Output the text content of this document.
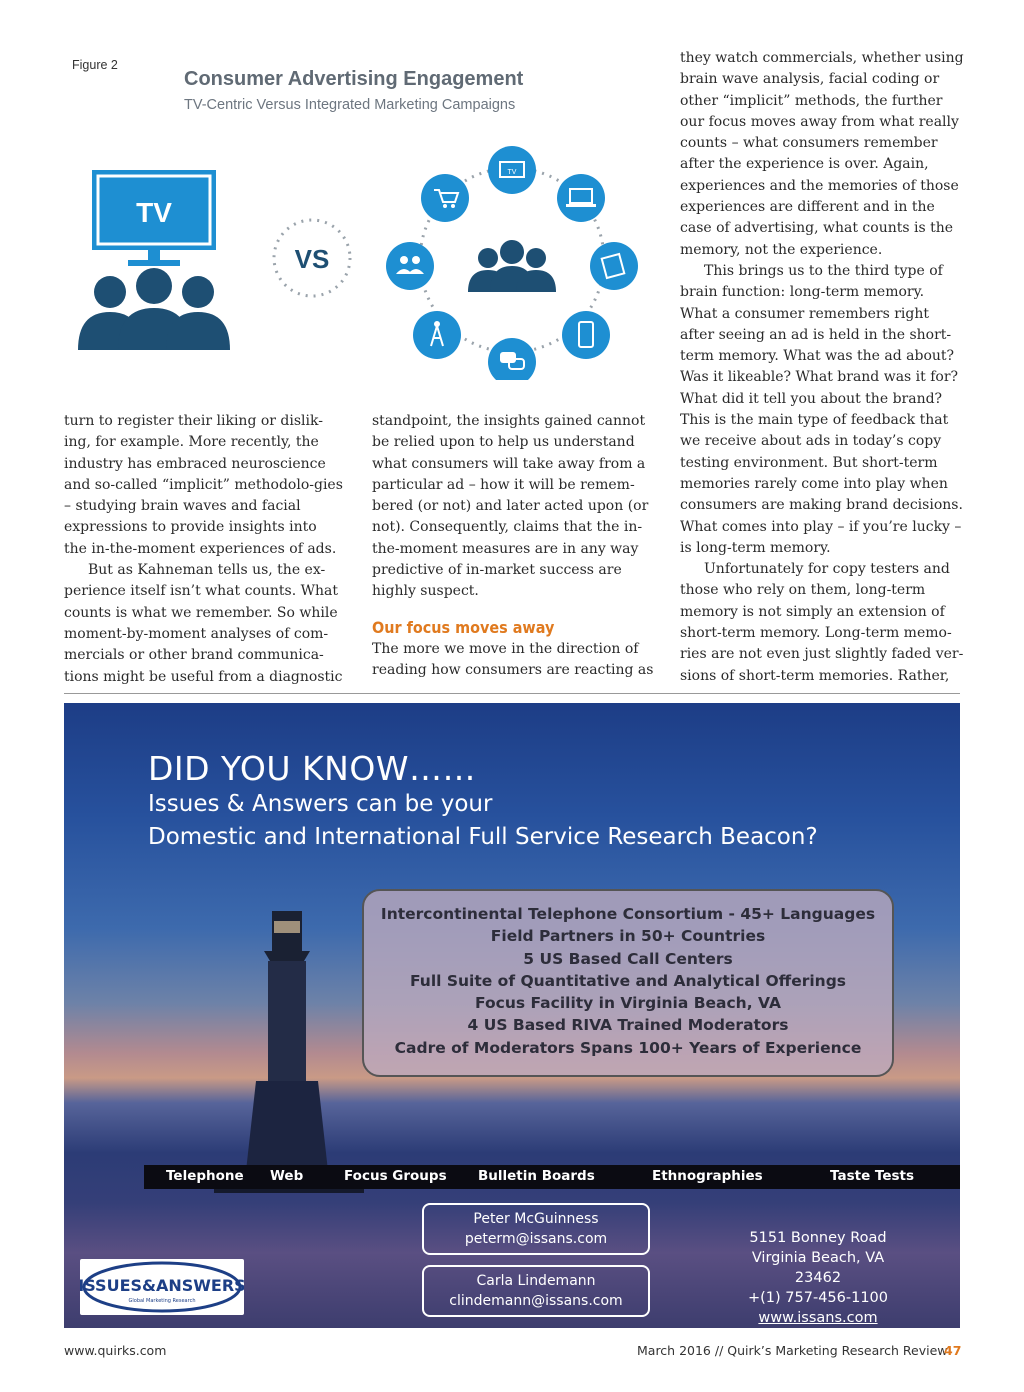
Figure 2
Consumer Advertising Engagement
TV-Centric Versus Integrated Marketing Campaigns
TV
VS
TV

turn to register their liking or dislik-ing, for example. More recently, the industry has embraced neuroscience and so-called “implicit” methodolo-gies – studying brain waves and facial expressions to provide insights into the in-the-moment experiences of ads.

But as Kahneman tells us, the ex-perience itself isn’t what counts. What counts is what we remember. So while moment-by-moment analyses of com-mercials or other brand communica-tions might be useful from a diagnostic

standpoint, the insights gained cannot be relied upon to help us understand what consumers will take away from a particular ad – how it will be remem-bered (or not) and later acted upon (or not). Consequently, claims that the in-the-moment measures are in any way predictive of in-market success are highly suspect.

Our focus moves away

The more we move in the direction of reading how consumers are reacting as

they watch commercials, whether using brain wave analysis, facial coding or other “implicit” methods, the further our focus moves away from what really counts – what consumers remember after the experience is over. Again, experiences and the memories of those experiences are different and in the case of advertising, what counts is the memory, not the experience.

This brings us to the third type of brain function: long-term memory. What a consumer remembers right after seeing an ad is held in the short-term memory. What was the ad about? Was it likeable? What brand was it for? What did it tell you about the brand? This is the main type of feedback that we receive about ads in today’s copy testing environment. But short-term memories rarely come into play when consumers are making brand decisions. What comes into play – if you’re lucky – is long-term memory.

Unfortunately for copy testers and those who rely on them, long-term memory is not simply an extension of short-term memory. Long-term memo-ries are not even just slightly faded ver-sions of short-term memories. Rather,

DID YOU KNOW……
Issues & Answers can be your
Domestic and International Full Service Research Beacon?
Intercontinental Telephone Consortium - 45+ Languages
Field Partners in 50+ Countries
5 US Based Call Centers
Full Suite of Quantitative and Analytical Offerings
Focus Facility in Virginia Beach, VA
4 US Based RIVA Trained Moderators
Cadre of Moderators Spans 100+ Years of Experience
Telephone Web	Focus Groups Bulletin Boards	Ethnographies	Taste Tests
Peter McGuinness
peterm@issans.com
Carla Lindemann
clindemann@issans.com
5151 Bonney Road
Virginia Beach, VA 23462
+(1) 757-456-1100
www.issans.com
ISSUES&ANSWERS
Global Marketing Research
www.quirks.com	March 2016 // Quirk’s Marketing Research Review
47
